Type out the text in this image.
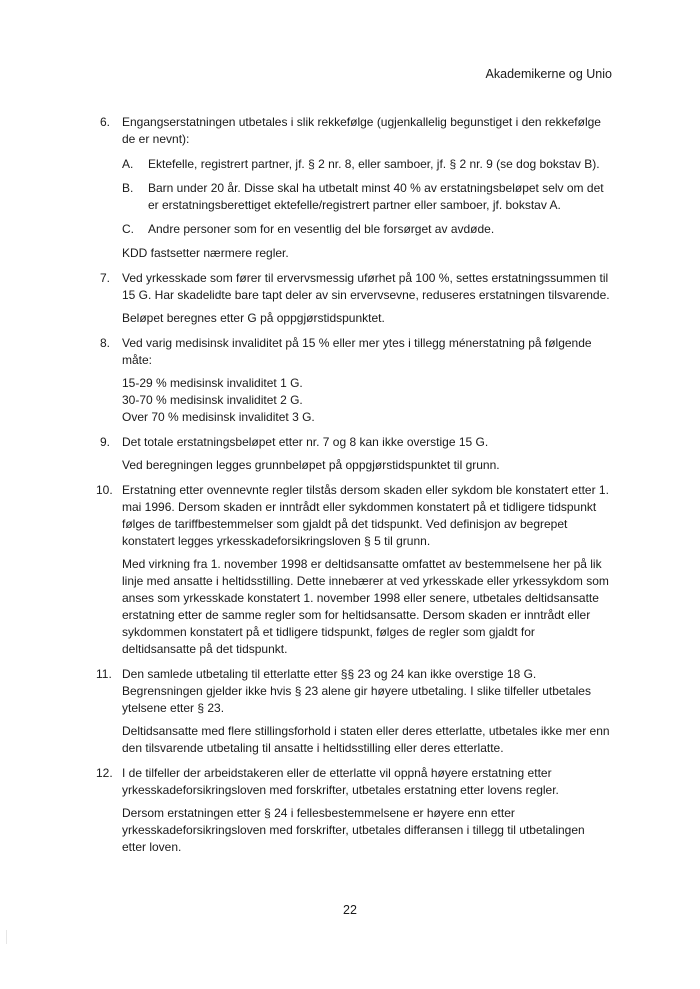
Akademikerne og Unio
6. Engangserstatningen utbetales i slik rekkefølge (ugjenkallelig begunstiget i den rekkefølge de er nevnt):

A. Ektefelle, registrert partner, jf. § 2 nr. 8, eller samboer, jf. § 2 nr. 9 (se dog bokstav B).
B. Barn under 20 år. Disse skal ha utbetalt minst 40 % av erstatningsbeløpet selv om det er erstatningsberettiget ektefelle/registrert partner eller samboer, jf. bokstav A.
C. Andre personer som for en vesentlig del ble forsørget av avdøde.

KDD fastsetter nærmere regler.

7. Ved yrkesskade som fører til ervervsmessig uførhet på 100 %, settes erstatningssummen til 15 G. Har skadelidte bare tapt deler av sin ervervsevne, reduseres erstatningen tilsvarende.

Beløpet beregnes etter G på oppgjørstidspunktet.

8. Ved varig medisinsk invaliditet på 15 % eller mer ytes i tillegg ménerstatning på følgende måte:

15-29 % medisinsk invaliditet 1 G.
30-70 % medisinsk invaliditet 2 G.
Over 70 % medisinsk invaliditet 3 G.
9. Det totale erstatningsbeløpet etter nr. 7 og 8 kan ikke overstige 15 G.

Ved beregningen legges grunnbeløpet på oppgjørstidspunktet til grunn.

10. Erstatning etter ovennevnte regler tilstås dersom skaden eller sykdom ble konstatert etter 1. mai 1996. Dersom skaden er inntrådt eller sykdommen konstatert på et tidligere tidspunkt følges de tariffbestemmelser som gjaldt på det tidspunkt. Ved definisjon av begrepet konstatert legges yrkesskadeforsikringsloven § 5 til grunn.

Med virkning fra 1. november 1998 er deltidsansatte omfattet av bestemmelsene her på lik linje med ansatte i heltidsstilling. Dette innebærer at ved yrkesskade eller yrkessykdom som anses som yrkesskade konstatert 1. november 1998 eller senere, utbetales deltidsansatte erstatning etter de samme regler som for heltidsansatte. Dersom skaden er inntrådt eller sykdommen konstatert på et tidligere tidspunkt, følges de regler som gjaldt for deltidsansatte på det tidspunkt.

11. Den samlede utbetaling til etterlatte etter §§ 23 og 24 kan ikke overstige 18 G. Begrensningen gjelder ikke hvis § 23 alene gir høyere utbetaling. I slike tilfeller utbetales ytelsene etter § 23.

Deltidsansatte med flere stillingsforhold i staten eller deres etterlatte, utbetales ikke mer enn den tilsvarende utbetaling til ansatte i heltidsstilling eller deres etterlatte.

12. I de tilfeller der arbeidstakeren eller de etterlatte vil oppnå høyere erstatning etter yrkesskadeforsikringsloven med forskrifter, utbetales erstatning etter lovens regler.

Dersom erstatningen etter § 24 i fellesbestemmelsene er høyere enn etter yrkesskadeforsikringsloven med forskrifter, utbetales differansen i tillegg til utbetalingen etter loven.

22
